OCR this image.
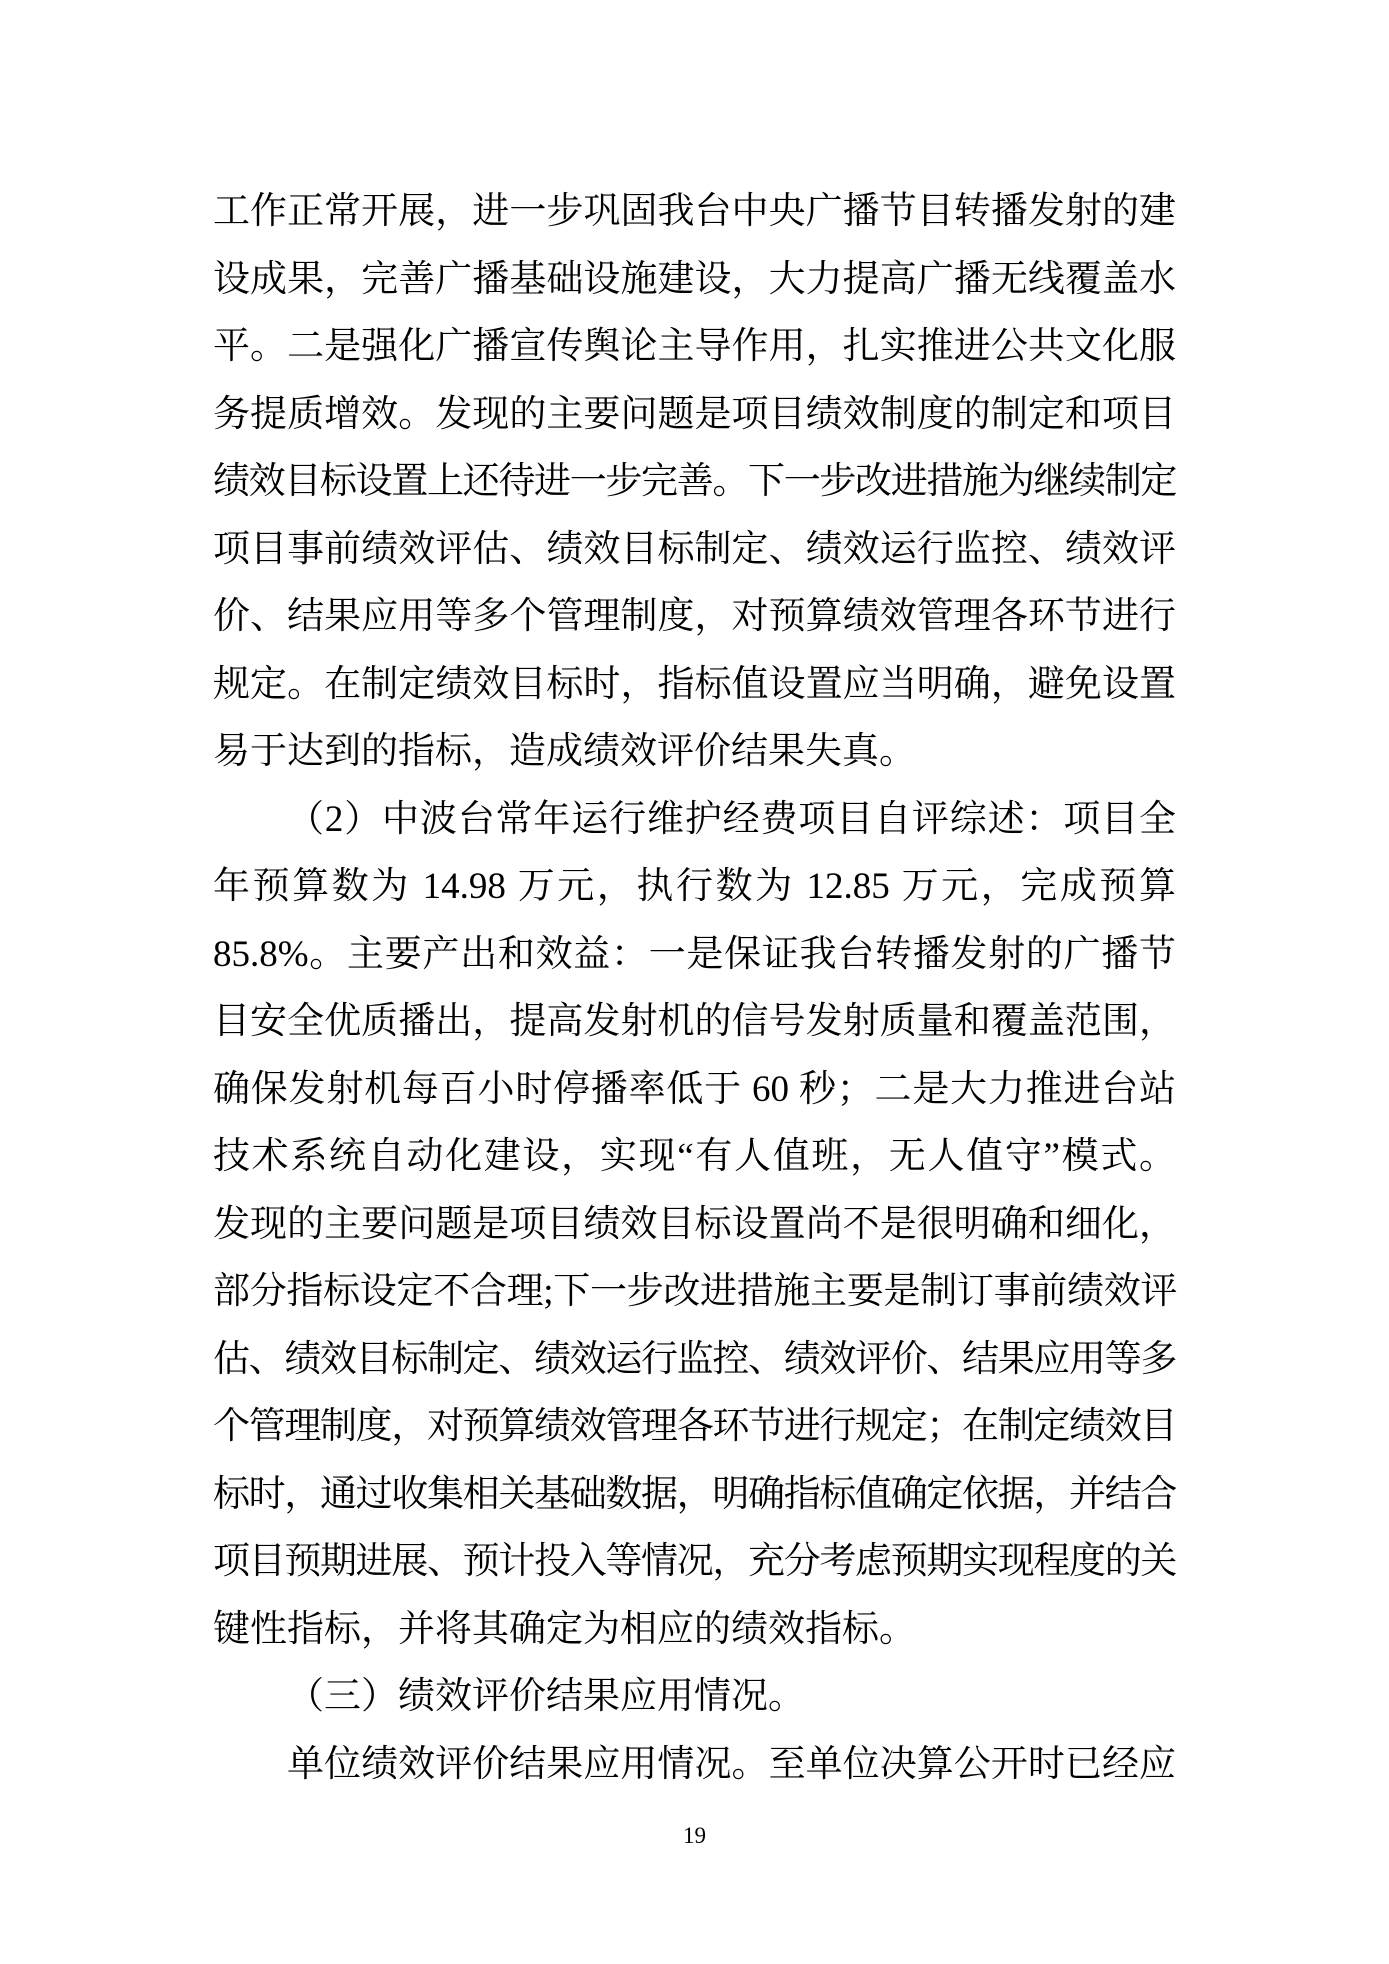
工作正常开展，进一步巩固我台中央广播节目转播发射的建
设成果，完善广播基础设施建设，大力提高广播无线覆盖水
平。二是强化广播宣传舆论主导作用，扎实推进公共文化服
务提质增效。发现的主要问题是项目绩效制度的制定和项目
绩效目标设置上还待进一步完善。下一步改进措施为继续制定
项目事前绩效评估、绩效目标制定、绩效运行监控、绩效评
价、结果应用等多个管理制度，对预算绩效管理各环节进行
规定。在制定绩效目标时，指标值设置应当明确，避免设置
易于达到的指标，造成绩效评价结果失真。
（2）中波台常年运行维护经费项目自评综述：项目全
年预算数为 14.98 万元，执行数为 12.85 万元，完成预算
85.8%。主要产出和效益：一是保证我台转播发射的广播节
目安全优质播出，提高发射机的信号发射质量和覆盖范围，
确保发射机每百小时停播率低于 60 秒；二是大力推进台站
技术系统自动化建设，实现“有人值班，无人值守”模式。
发现的主要问题是项目绩效目标设置尚不是很明确和细化，
部分指标设定不合理;下一步改进措施主要是制订事前绩效评
估、绩效目标制定、绩效运行监控、绩效评价、结果应用等多
个管理制度，对预算绩效管理各环节进行规定；在制定绩效目
标时，通过收集相关基础数据，明确指标值确定依据，并结合
项目预期进展、预计投入等情况，充分考虑预期实现程度的关
键性指标，并将其确定为相应的绩效指标。
（三）绩效评价结果应用情况。
单位绩效评价结果应用情况。至单位决算公开时已经应
19
